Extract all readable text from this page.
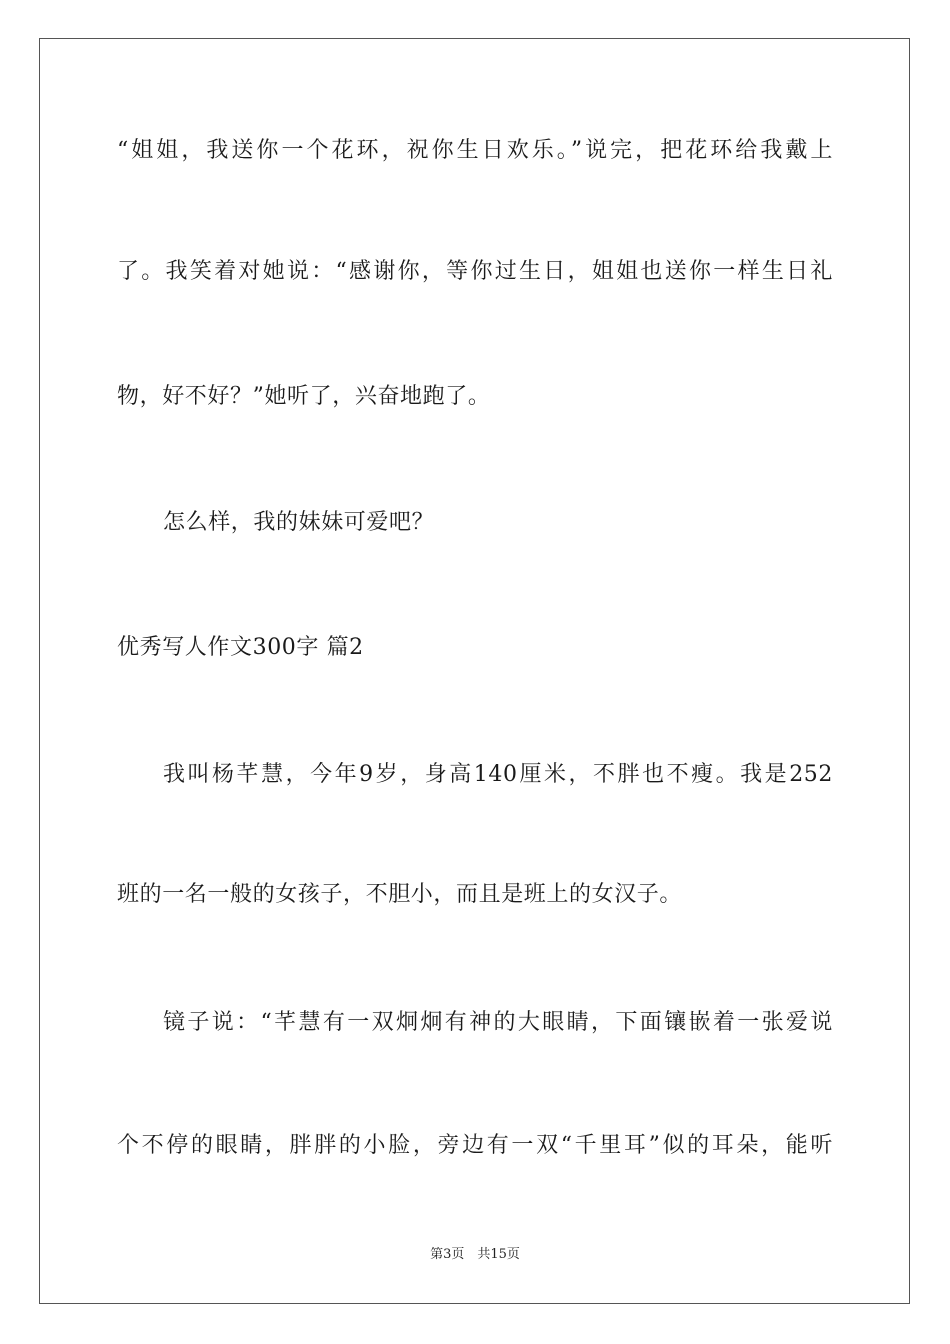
“姐姐，我送你一个花环，祝你生日欢乐。”说完，把花环给我戴上
了。我笑着对她说：“感谢你，等你过生日，姐姐也送你一样生日礼
物，好不好？”她听了，兴奋地跑了。
怎么样，我的妹妹可爱吧？
优秀写人作文300字 篇2
我叫杨芊慧，今年9岁，身高140厘米，不胖也不瘦。我是252
班的一名一般的女孩子，不胆小，而且是班上的女汉子。
镜子说：“芊慧有一双炯炯有神的大眼睛，下面镶嵌着一张爱说
个不停的眼睛，胖胖的小脸，旁边有一双“千里耳”似的耳朵，能听
第3页　共15页
